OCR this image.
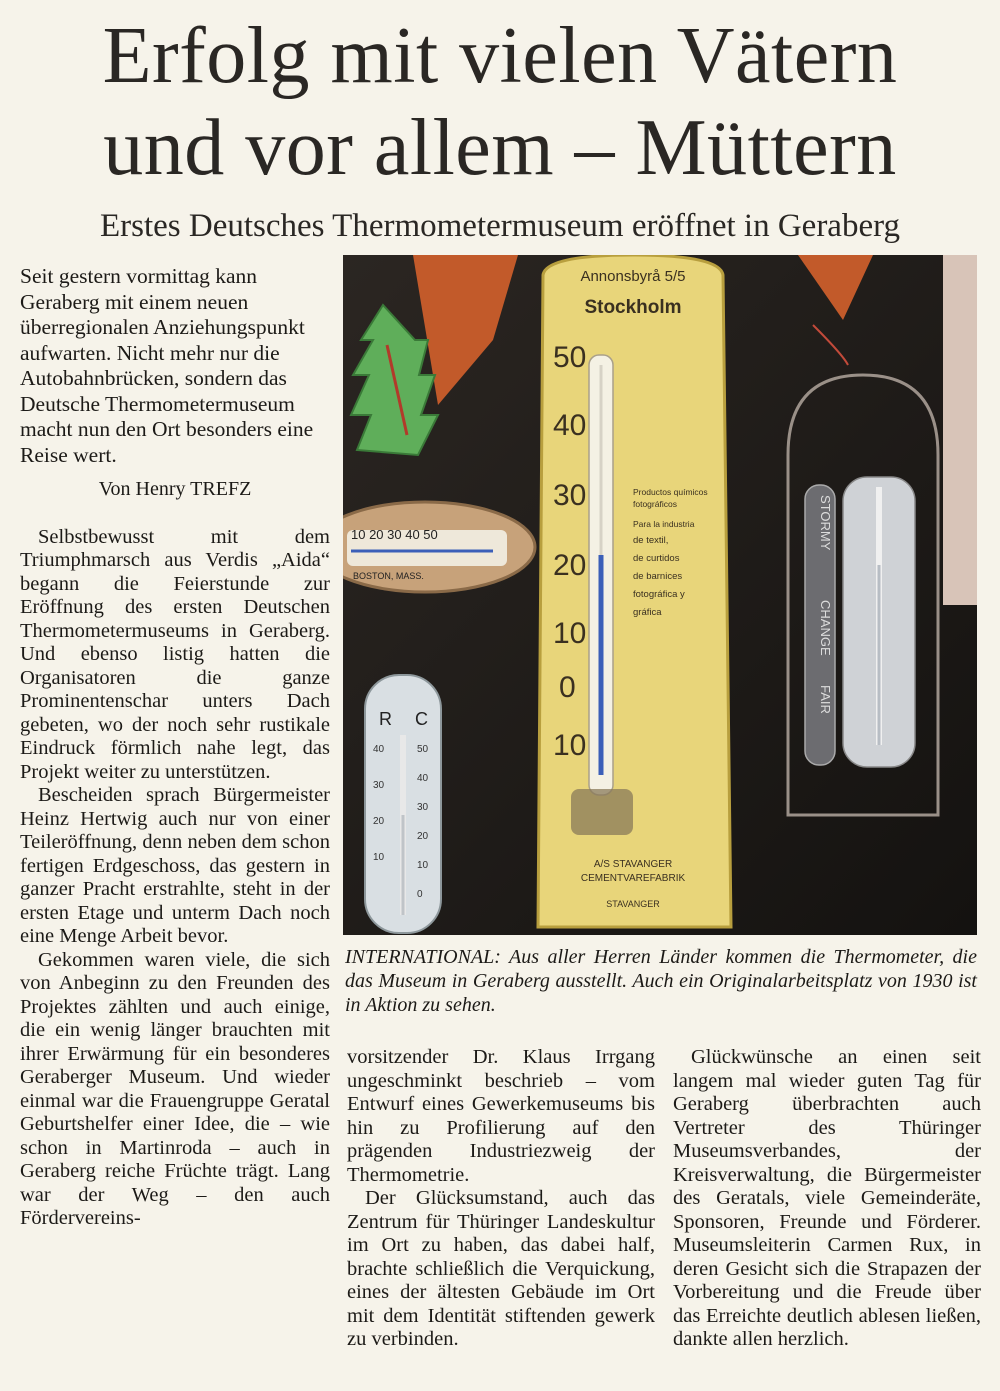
Erfolg mit vielen Vätern
und vor allem – Müttern
Erstes Deutsches Thermometermuseum eröffnet in Geraberg

Seit gestern vormittag kann Geraberg mit einem neuen überregionalen Anziehungspunkt aufwarten. Nicht mehr nur die Autobahnbrücken, sondern das Deutsche Thermometermuseum macht nun den Ort besonders eine Reise wert.

Von Henry TREFZ

Selbstbewusst mit dem Triumphmarsch aus Verdis „Aida“ begann die Feierstunde zur Eröffnung des ersten Deutschen Thermometermuseums in Geraberg. Und ebenso listig hatten die Organisatoren die ganze Prominentenschar unters Dach gebeten, wo der noch sehr rustikale Eindruck förmlich nahe legt, das Projekt weiter zu unterstützen.

Bescheiden sprach Bürgermeister Heinz Hertwig auch nur von einer Teileröffnung, denn neben dem schon fertigen Erdgeschoss, das gestern in ganzer Pracht erstrahlte, steht in der ersten Etage und unterm Dach noch eine Menge Arbeit bevor.

Gekommen waren viele, die sich von Anbeginn zu den Freunden des Projektes zählten und auch einige, die ein wenig länger brauchten mit ihrer Erwärmung für ein besonderes Geraberger Museum. Und wieder einmal war die Frauengruppe Geratal Geburtshelfer einer Idee, die – wie schon in Martinroda – auch in Geraberg reiche Früchte trägt. Lang war der Weg – den auch Fördervereins-

10 20 30 40 50
BOSTON, MASS.
R C
40
30
20
10
50
40
30
20
10
0
Annonsbyrå 5/5
Stockholm
50
40
30
20
10
0
10
Productos químicos
fotográficos
Para la industria
de textil,
de curtidos
de barnices
fotográfica y
gráfica
A/S STAVANGER
CEMENTVAREFABRIK
STAVANGER
STORMY
CHANGE
FAIR
INTERNATIONAL: Aus aller Herren Länder kommen die Thermometer, die das Museum in Geraberg ausstellt. Auch ein Originalarbeitsplatz von 1930 ist in Aktion zu sehen.

vorsitzender Dr. Klaus Irrgang ungeschminkt beschrieb – vom Entwurf eines Gewerkemuseums bis hin zu Profilierung auf den prägenden Industriezweig der Thermometrie.

Der Glücksumstand, auch das Zentrum für Thüringer Landeskultur im Ort zu haben, das dabei half, brachte schließlich die Verquickung, eines der ältesten Gebäude im Ort mit dem Identität stiftenden gewerk zu verbinden.

Glückwünsche an einen seit langem mal wieder guten Tag für Geraberg überbrachten auch Vertreter des Thüringer Museumsverbandes, der Kreisverwaltung, die Bürgermeister des Geratals, viele Gemeinderäte, Sponsoren, Freunde und Förderer. Museumsleiterin Carmen Rux, in deren Gesicht sich die Strapazen der Vorbereitung und die Freude über das Erreichte deutlich ablesen ließen, dankte allen herzlich.
